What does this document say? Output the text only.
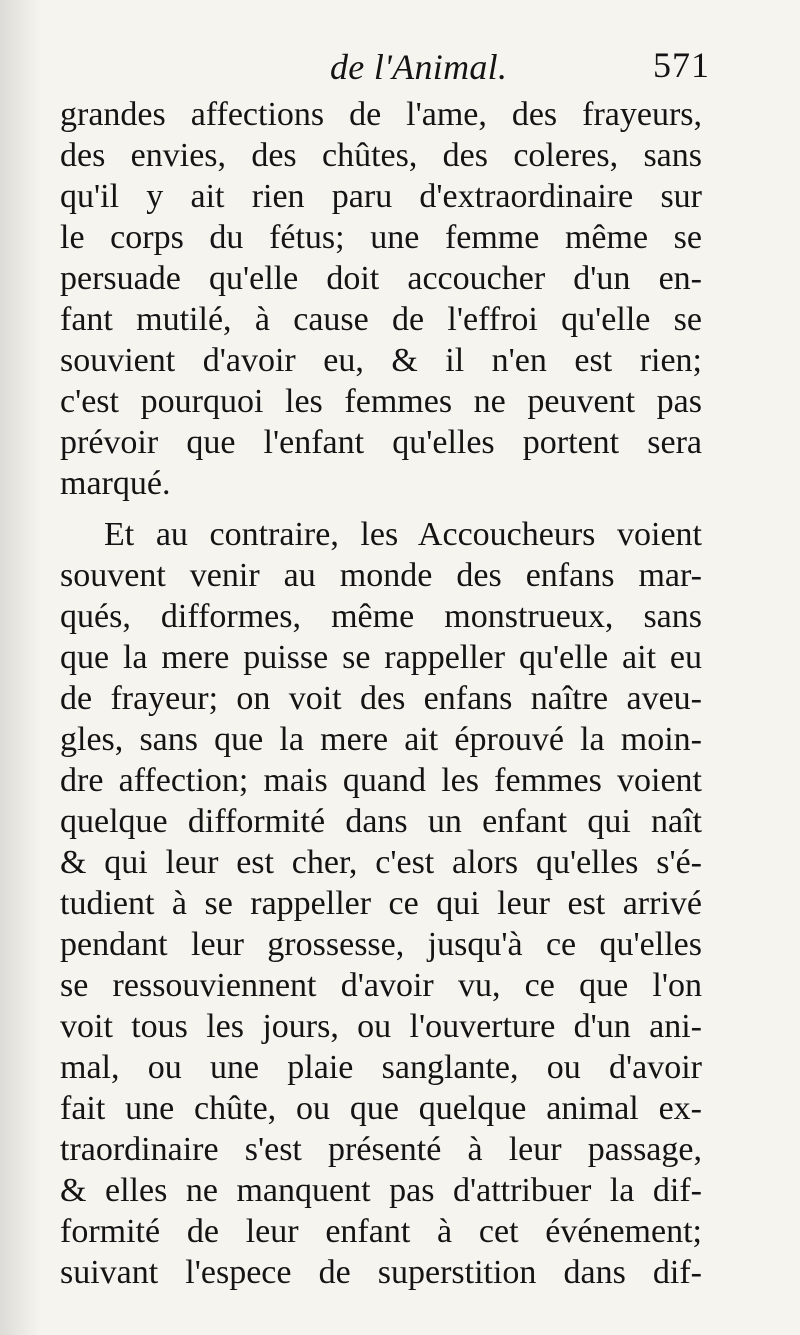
de l'Animal.	571
grandes affections de l'ame, des frayeurs,
des envies, des chûtes, des coleres, sans
qu'il y ait rien paru d'extraordinaire sur
le corps du fétus; une femme même se
persuade qu'elle doit accoucher d'un en-
fant mutilé, à cause de l'effroi qu'elle se
souvient d'avoir eu, & il n'en est rien;
c'est pourquoi les femmes ne peuvent pas
prévoir que l'enfant qu'elles portent sera
marqué.
Et au contraire, les Accoucheurs voient
souvent venir au monde des enfans mar-
qués, difformes, même monstrueux, sans
que la mere puisse se rappeller qu'elle ait eu
de frayeur; on voit des enfans naître aveu-
gles, sans que la mere ait éprouvé la moin-
dre affection; mais quand les femmes voient
quelque difformité dans un enfant qui naît
& qui leur est cher, c'est alors qu'elles s'é-
tudient à se rappeller ce qui leur est arrivé
pendant leur grossesse, jusqu'à ce qu'elles
se ressouviennent d'avoir vu, ce que l'on
voit tous les jours, ou l'ouverture d'un ani-
mal, ou une plaie sanglante, ou d'avoir
fait une chûte, ou que quelque animal ex-
traordinaire s'est présenté à leur passage,
& elles ne manquent pas d'attribuer la dif-
formité de leur enfant à cet événement;
suivant l'espece de superstition dans dif-
